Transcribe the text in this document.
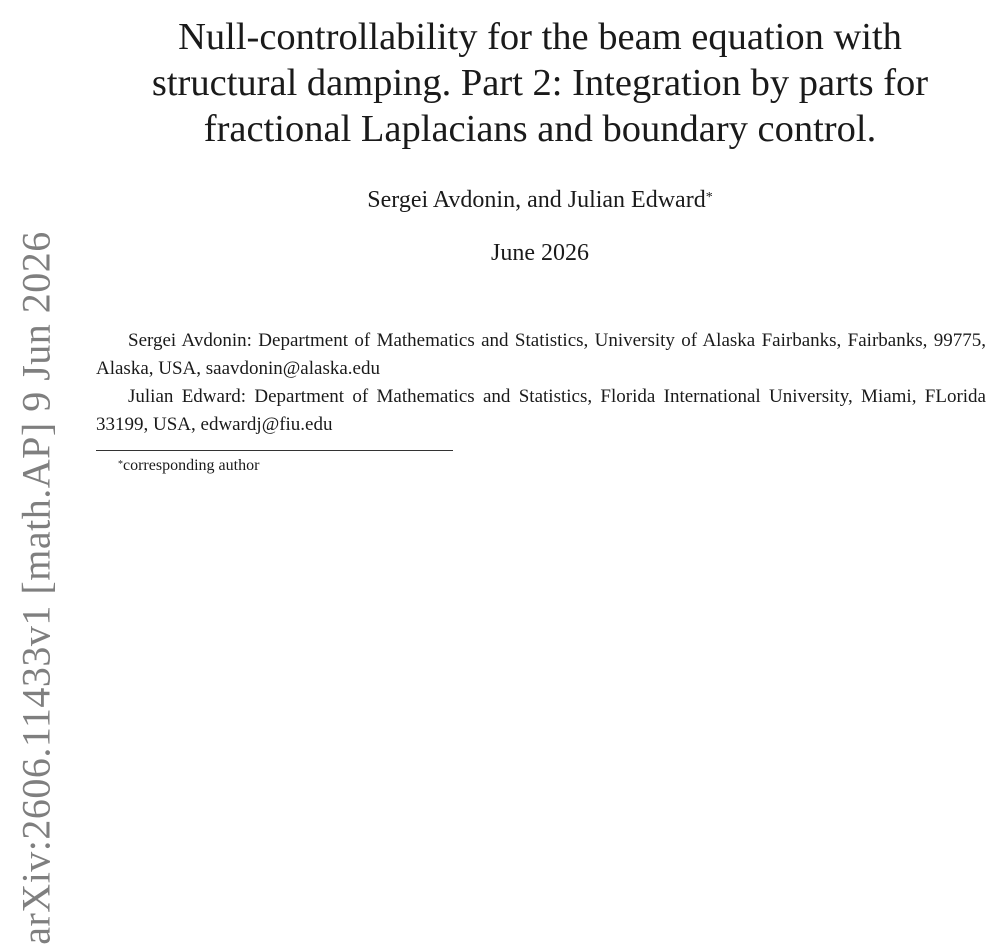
arXiv:2606.11433v1 [math.AP] 9 Jun 2026
Null-controllability for the beam equation with
structural damping. Part 2: Integration by parts for
fractional Laplacians and boundary control.
Sergei Avdonin, and Julian Edward*
June 2026

Sergei Avdonin: Department of Mathematics and Statistics, University of Alaska Fairbanks, Fairbanks, 99775, Alaska, USA, saavdonin@alaska.edu

Julian Edward: Department of Mathematics and Statistics, Florida International University, Miami, FLorida 33199, USA, edwardj@fiu.edu

*corresponding author
